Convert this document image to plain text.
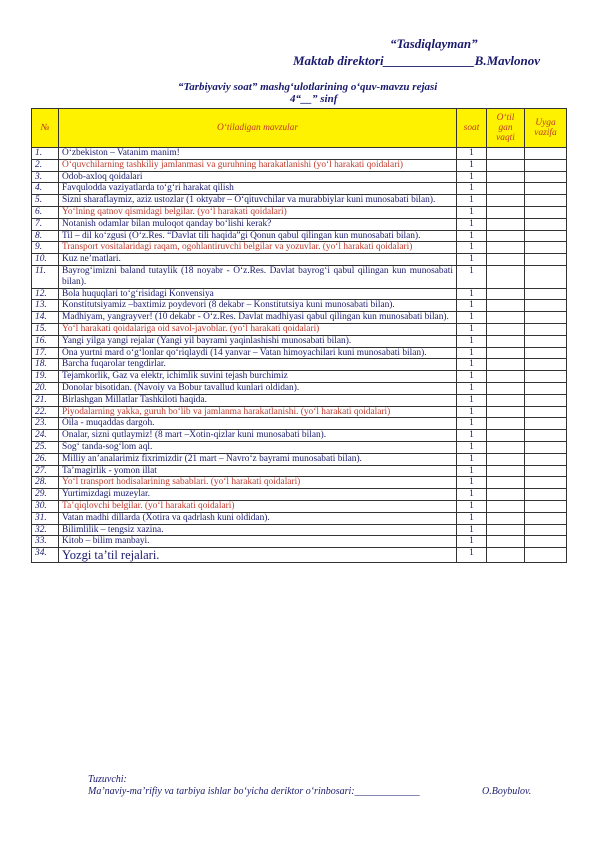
“Tasdiqlayman”
Maktab direktori______________B.Mavlonov
“Tarbiyaviy soat” mashg‘ulotlarining o‘quv-mavzu rejasi
4“__” sinf
№	O‘tiladigan mavzular	soat	O‘til gan vaqti	Uyga vazifa
1.	O‘zbekiston – Vatanim manim!	1		
2.	O‘quvchilarning tashkiliy jamlanmasi va guruhning harakatlanishi (yo‘l harakati qoidalari)	1		
3.	Odob-axloq qoidalari	1		
4.	Favqulodda vaziyatlarda to‘g‘ri harakat qilish	1		
5.	Sizni sharaflaymiz, aziz ustozlar (1 oktyabr – O‘qituvchilar va murabbiylar kuni munosabati bilan).	1		
6.	Yo‘lning qatnov qismidagi belgilar. (yo‘l harakati qoidalari)	1		
7.	Notanish odamlar bilan muloqot qanday bo‘lishi kerak?	1		
8.	Til – dil ko‘zgusi (O‘z.Res. “Davlat tili haqida”gi Qonun qabul qilingan kun munosabati bilan).	1		
9.	Transport vositalaridagi raqam, ogohlantiruvchi belgilar va yozuvlar. (yo‘l harakati qoidalari)	1		
10.	Kuz ne’matlari.	1		
11.	Bayrog‘imizni baland tutaylik (18 noyabr - O‘z.Res. Davlat bayrog‘i qabul qilingan kun munosabati bilan).	1		
12.	Bola huquqlari to‘g‘risidagi Konvensiya	1		
13.	Konstitutsiyamiz –baxtimiz poydevori (8 dekabr – Konstitutsiya kuni munosabati bilan).	1		
14.	Madhiyam, yangrayver! (10 dekabr - O‘z.Res. Davlat madhiyasi qabul qilingan kun munosabati bilan).	1		
15.	Yo‘l harakati qoidalariga oid savol-javoblar. (yo‘l harakati qoidalari)	1		
16.	Yangi yilga yangi rejalar (Yangi yil bayrami yaqinlashishi munosabati bilan).	1		
17.	Ona yurtni mard o‘g‘lonlar qo‘riqlaydi (14 yanvar – Vatan himoyachilari kuni munosabati bilan).	1		
18.	Barcha fuqarolar tengdirlar.	1		
19.	Tejamkorlik, Gaz va elektr, ichimlik suvini tejash burchimiz	1		
20.	Donolar bisotidan. (Navoiy va Bobur tavallud kunlari oldidan).	1		
21.	Birlashgan Millatlar Tashkiloti haqida.	1		
22.	Piyodalarning yakka, guruh bo‘lib va jamlanma harakatlanishi. (yo‘l harakati qoidalari)	1		
23.	Oila - muqaddas dargoh.	1		
24.	Onalar, sizni qutlaymiz! (8 mart –Xotin-qizlar kuni munosabati bilan).	1		
25.	Sog‘ tanda-sog‘lom aql.	1		
26.	Milliy an’analarimiz fixrimizdir (21 mart – Navro‘z bayrami munosabati bilan).	1		
27.	Ta’magirlik - yomon illat	1		
28.	Yo‘l transport hodisalarining sabablari. (yo‘l harakati qoidalari)	1		
29.	Yurtimizdagi muzeylar.	1		
30.	Ta’qiqlovchi belgilar. (yo‘l harakati qoidalari)	1		
31.	Vatan madhi dillarda (Xotira va qadrlash kuni oldidan).	1		
32.	Bilimlilik – tengsiz xazina.	1		
33.	Kitob – bilim manbayi.	1		
34.	Yozgi ta’til rejalari.	1		
Tuzuvchi:
Ma’naviy-ma’rifiy va tarbiya ishlar bo‘yicha deriktor o‘rinbosari:_____________	O.Boybulov.
